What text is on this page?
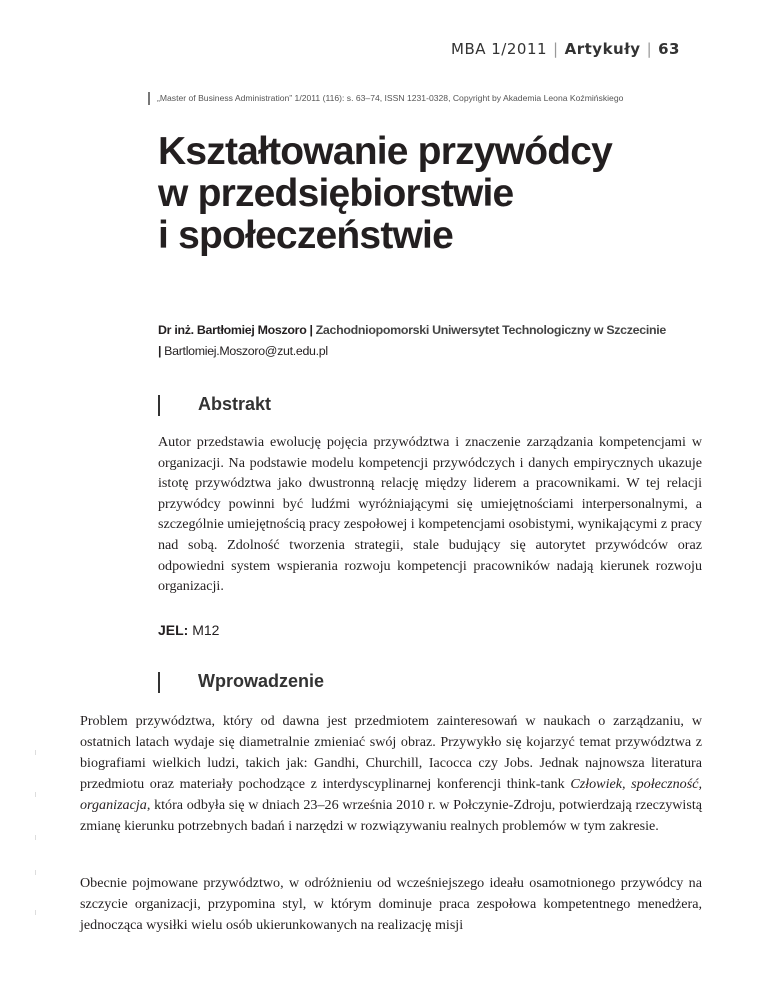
MBA 1/2011 | Artykuły | 63
„Master of Business Administration” 1/2011 (116): s. 63–74, ISSN 1231-0328, Copyright by Akademia Leona Koźmińskiego
Kształtowanie przywódcy
w przedsiębiorstwie
i społeczeństwie
Dr inż. Bartłomiej Moszoro | Zachodniopomorski Uniwersytet Technologiczny w Szczecinie
| Bartlomiej.Moszoro@zut.edu.pl
Abstrakt

Autor przedstawia ewolucję pojęcia przywództwa i znaczenie zarządzania kompetencjami w organizacji. Na podstawie modelu kompetencji przywódczych i danych empirycznych ukazuje istotę przywództwa jako dwustronną relację między liderem a pracownikami. W tej relacji przywódcy powinni być ludźmi wyróżniającymi się umiejętnościami interpersonalnymi, a szczególnie umiejętnością pracy zespołowej i kompetencjami osobistymi, wynikającymi z pracy nad sobą. Zdolność tworzenia strategii, stale budujący się autorytet przywódców oraz odpowiedni system wspierania rozwoju kompetencji pracowników nadają kierunek rozwoju organizacji.

JEL: M12
Wprowadzenie

Problem przywództwa, który od dawna jest przedmiotem zainteresowań w naukach o zarządzaniu, w ostatnich latach wydaje się diametralnie zmieniać swój obraz. Przywykło się kojarzyć temat przywództwa z biografiami wielkich ludzi, takich jak: Gandhi, Churchill, Iacocca czy Jobs. Jednak najnowsza literatura przedmiotu oraz materiały pochodzące z interdyscyplinarnej konferencji think-tank Człowiek, społeczność, organizacja, która odbyła się w dniach 23–26 września 2010 r. w Połczynie-Zdroju, potwierdzają rzeczywistą zmianę kierunku potrzebnych badań i narzędzi w rozwiązywaniu realnych problemów w tym zakresie.

Obecnie pojmowane przywództwo, w odróżnieniu od wcześniejszego ideału osamotnionego przywódcy na szczycie organizacji, przypomina styl, w którym dominuje praca zespołowa kompetentnego menedżera, jednocząca wysiłki wielu osób ukierunkowanych na realizację misji
